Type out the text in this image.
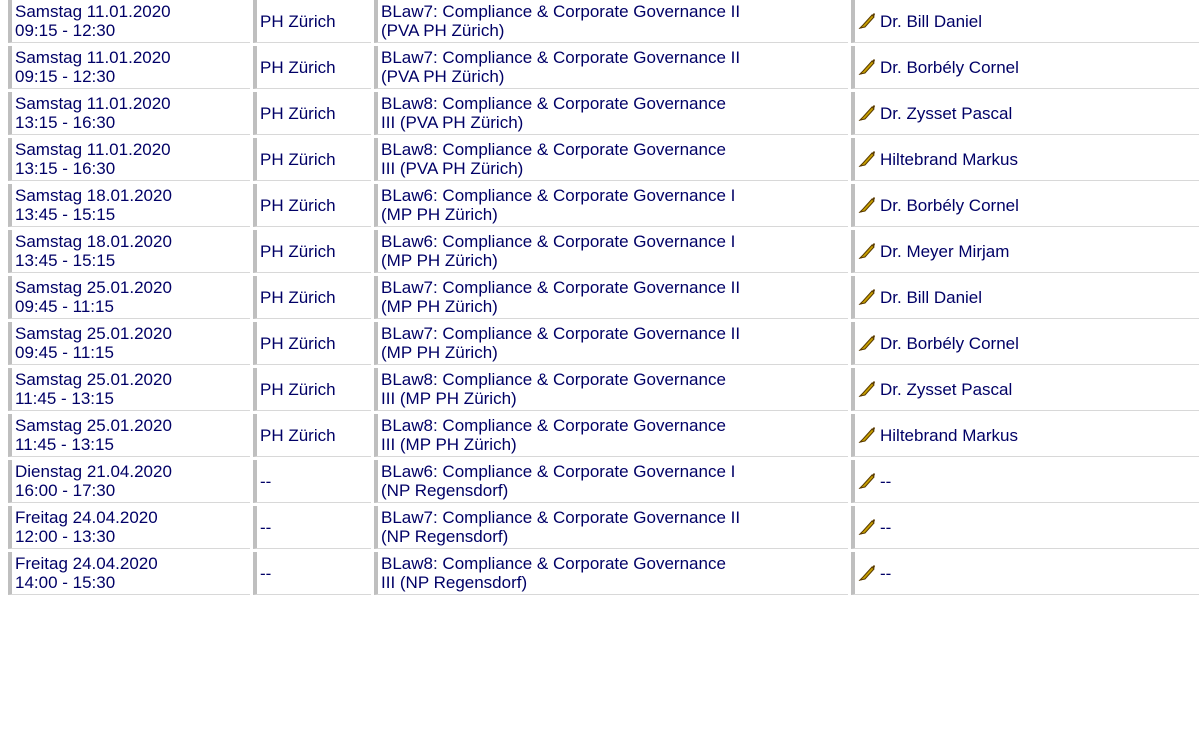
Samstag 11.01.2020
09:15 - 12:30	PH Zürich	BLaw7: Compliance & Corporate Governance II
(PVA PH Zürich)	Dr. Bill Daniel

Samstag 11.01.2020
09:15 - 12:30	PH Zürich	BLaw7: Compliance & Corporate Governance II
(PVA PH Zürich)	Dr. Borbély Cornel

Samstag 11.01.2020
13:15 - 16:30	PH Zürich	BLaw8: Compliance & Corporate Governance
III (PVA PH Zürich)	Dr. Zysset Pascal

Samstag 11.01.2020
13:15 - 16:30	PH Zürich	BLaw8: Compliance & Corporate Governance
III (PVA PH Zürich)	Hiltebrand Markus

Samstag 18.01.2020
13:45 - 15:15	PH Zürich	BLaw6: Compliance & Corporate Governance I
(MP PH Zürich)	Dr. Borbély Cornel

Samstag 18.01.2020
13:45 - 15:15	PH Zürich	BLaw6: Compliance & Corporate Governance I
(MP PH Zürich)	Dr. Meyer Mirjam

Samstag 25.01.2020
09:45 - 11:15	PH Zürich	BLaw7: Compliance & Corporate Governance II
(MP PH Zürich)	Dr. Bill Daniel

Samstag 25.01.2020
09:45 - 11:15	PH Zürich	BLaw7: Compliance & Corporate Governance II
(MP PH Zürich)	Dr. Borbély Cornel

Samstag 25.01.2020
11:45 - 13:15	PH Zürich	BLaw8: Compliance & Corporate Governance
III (MP PH Zürich)	Dr. Zysset Pascal

Samstag 25.01.2020
11:45 - 13:15	PH Zürich	BLaw8: Compliance & Corporate Governance
III (MP PH Zürich)	Hiltebrand Markus

Dienstag 21.04.2020
16:00 - 17:30	--	BLaw6: Compliance & Corporate Governance I
(NP Regensdorf)	--

Freitag 24.04.2020
12:00 - 13:30	--	BLaw7: Compliance & Corporate Governance II
(NP Regensdorf)	--

Freitag 24.04.2020
14:00 - 15:30	--	BLaw8: Compliance & Corporate Governance
III (NP Regensdorf)	--
